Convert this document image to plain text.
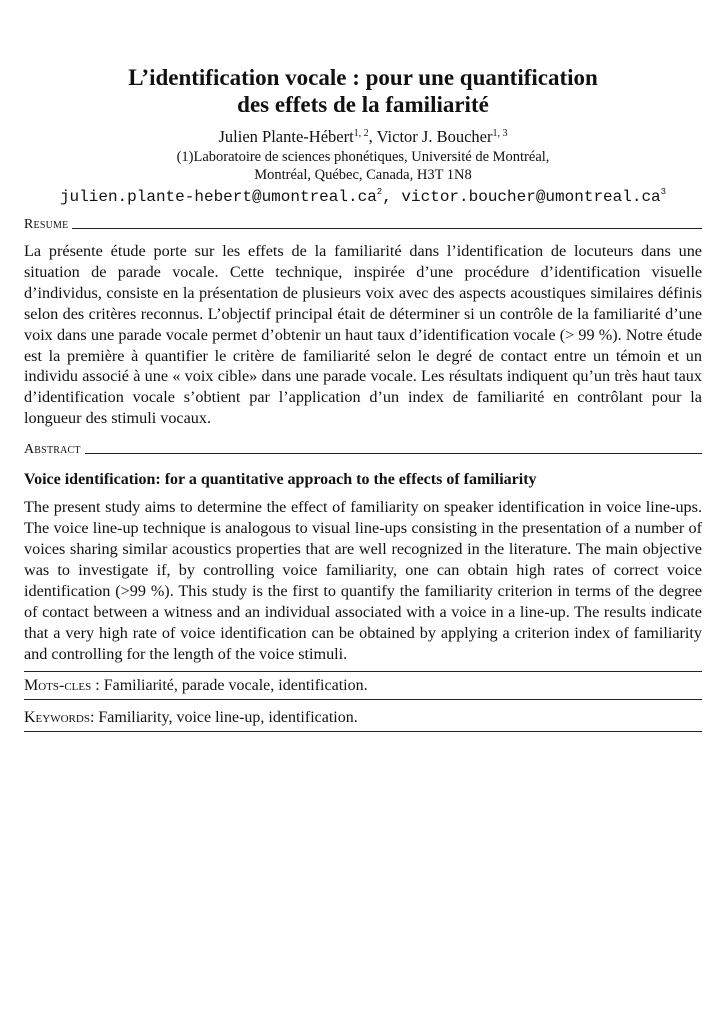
L’identification vocale : pour une quantification
des effets de la familiarité
Julien Plante-Hébert$^{1, 2}$, Victor J. Boucher$^{1, 3}$
(1)Laboratoire de sciences phonétiques, Université de Montréal,
Montréal, Québec, Canada, H3T 1N8
$julien.plante-hebert@umontreal.ca^2$, $victor.boucher@umontreal.ca^3$
Resume

La présente étude porte sur les effets de la familiarité dans l’identification de locuteurs dans une situation de parade vocale. Cette technique, inspirée d’une procédure d’identification visuelle d’individus, consiste en la présentation de plusieurs voix avec des aspects acoustiques similaires définis selon des critères reconnus. L’objectif principal était de déterminer si un contrôle de la familiarité d’une voix dans une parade vocale permet d’obtenir un haut taux d’identification vocale (> 99 %). Notre étude est la première à quantifier le critère de familiarité selon le degré de contact entre un témoin et un individu associé à une « voix cible» dans une parade vocale. Les résultats indiquent qu’un très haut taux d’identification vocale s’obtient par l’application d’un index de familiarité en contrôlant pour la longueur des stimuli vocaux.

Abstract
Voice identification: for a quantitative approach to the effects of familiarity

The present study aims to determine the effect of familiarity on speaker identification in voice line-ups. The voice line-up technique is analogous to visual line-ups consisting in the presentation of a number of voices sharing similar acoustics properties that are well recognized in the literature. The main objective was to investigate if, by controlling voice familiarity, one can obtain high rates of correct voice identification (>99 %). This study is the first to quantify the familiarity criterion in terms of the degree of contact between a witness and an individual associated with a voice in a line-up. The results indicate that a very high rate of voice identification can be obtained by applying a criterion index of familiarity and controlling for the length of the voice stimuli.

Mots-cles : Familiarité, parade vocale, identification.
Keywords: Familiarity, voice line-up, identification.
